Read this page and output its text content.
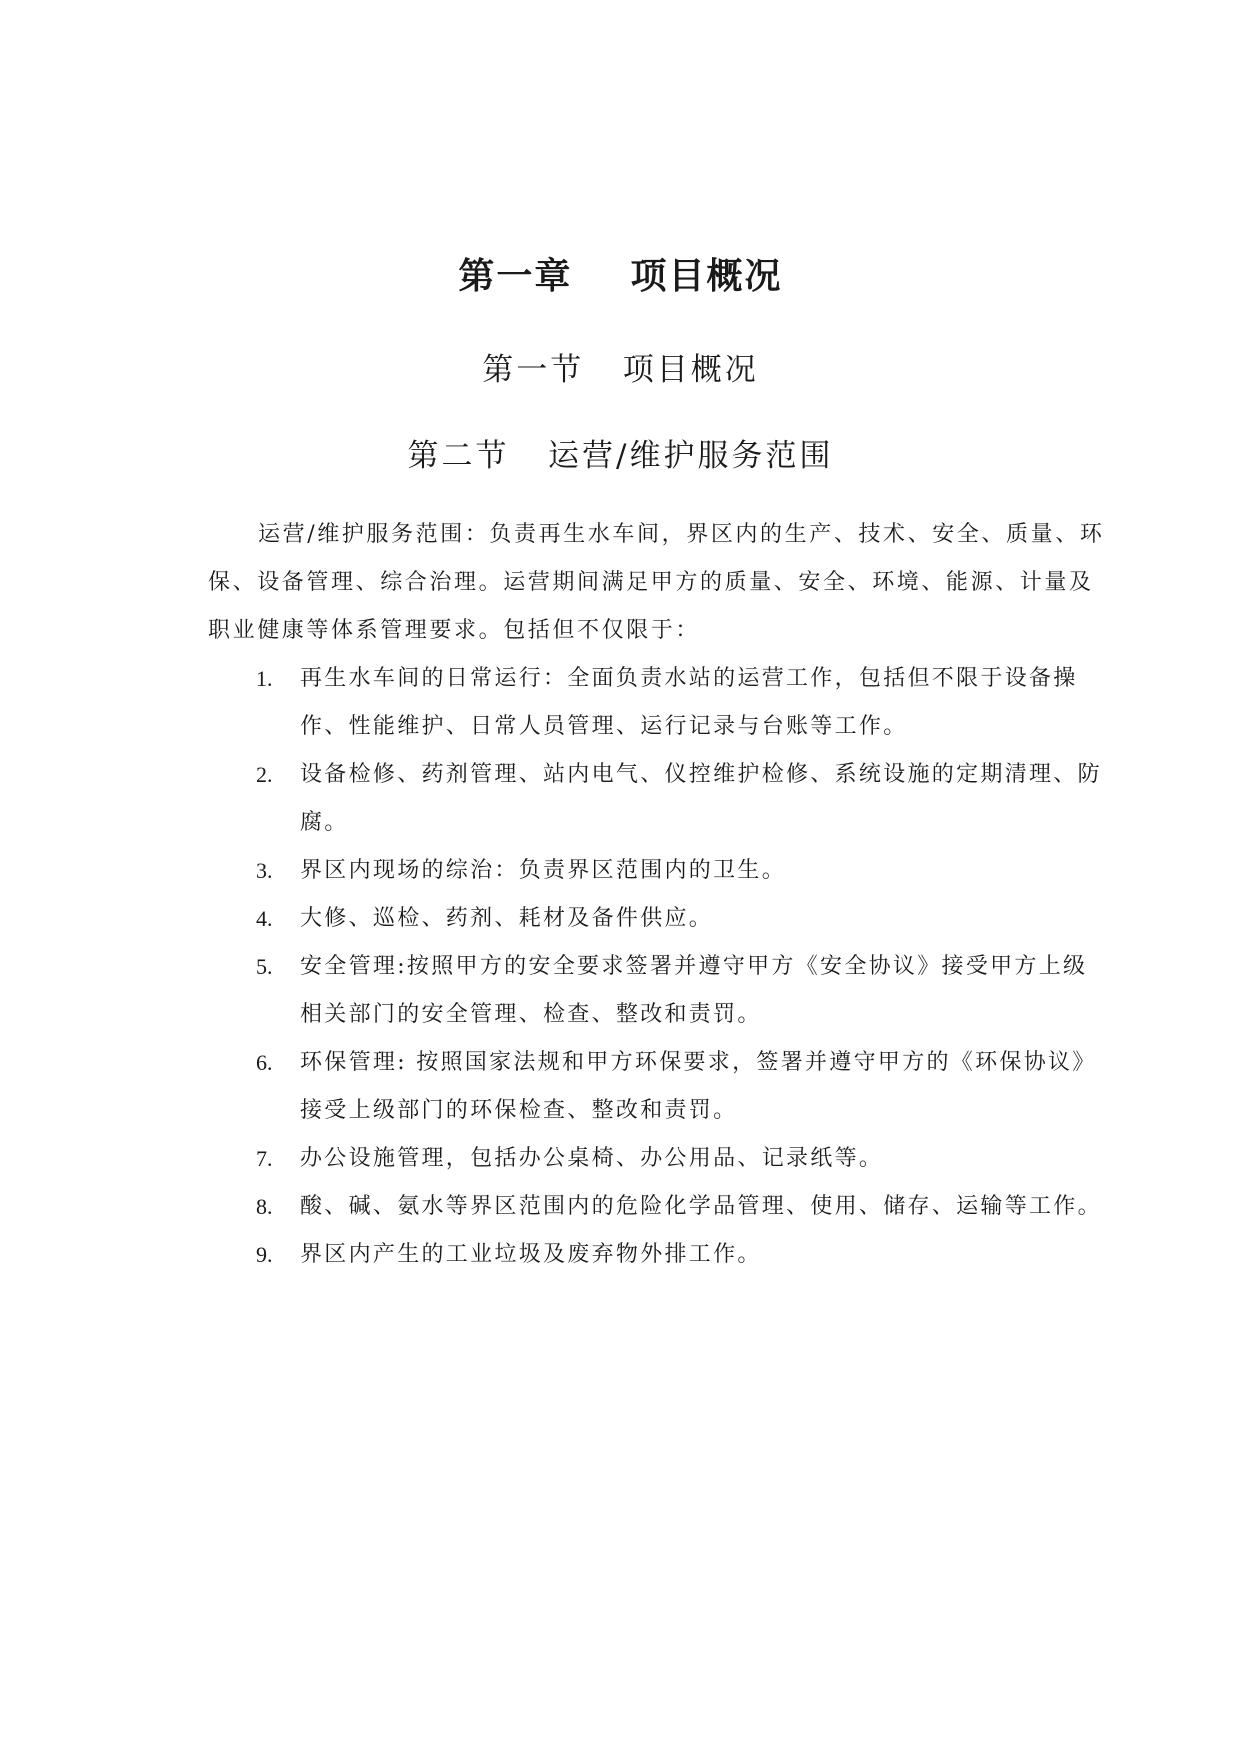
第一章    项目概况
第一节   项目概况
第二节   运营/维护服务范围

运营/维护服务范围：负责再生水车间，界区内的生产、技术、安全、质量、环保、设备管理、综合治理。运营期间满足甲方的质量、安全、环境、能源、计量及职业健康等体系管理要求。包括但不仅限于：

1. 再生水车间的日常运行：全面负责水站的运营工作，包括但不限于设备操作、性能维护、日常人员管理、运行记录与台账等工作。
2. 设备检修、药剂管理、站内电气、仪控维护检修、系统设施的定期清理、防腐。
3. 界区内现场的综治：负责界区范围内的卫生。
4. 大修、巡检、药剂、耗材及备件供应。
5. 安全管理:按照甲方的安全要求签署并遵守甲方《安全协议》接受甲方上级相关部门的安全管理、检查、整改和责罚。
6. 环保管理: 按照国家法规和甲方环保要求，签署并遵守甲方的《环保协议》接受上级部门的环保检查、整改和责罚。
7. 办公设施管理，包括办公桌椅、办公用品、记录纸等。
8. 酸、碱、氨水等界区范围内的危险化学品管理、使用、储存、运输等工作。
9. 界区内产生的工业垃圾及废弃物外排工作。
